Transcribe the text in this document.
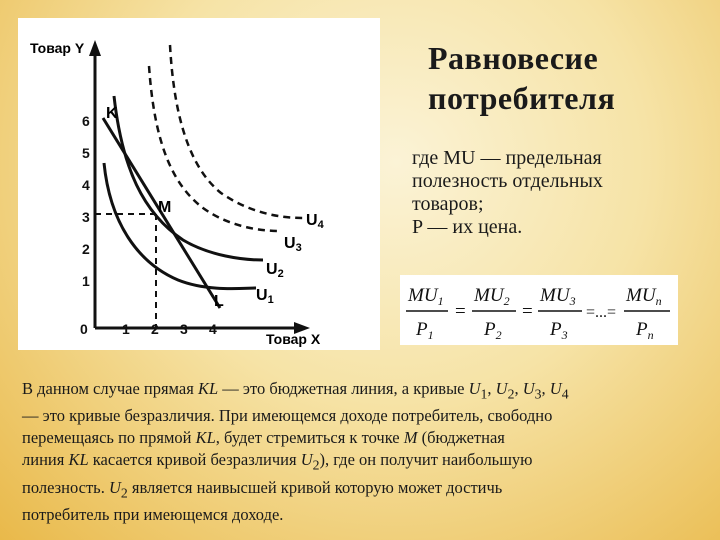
Товар Y
Товар X
0
1
2
3
4
5
6
1 2 3 4
K
M
L U1
U2
U3
U4
Равновесие
потребителя
где MU — предельная
полезность отдельных
товаров;
P — их цена.
$MU_1$
$P_1$
=
$MU_2$
$P_2$
=
$MU_3$
$P_3$
=...=
$MU_n$
$P_n$
В данном случае прямая KL — это бюджетная линия, а кривые $U_1$, $U_2$, $U_3$, $U_4$
— это кривые безразличия. При имеющемся доходе потребитель, свободно
перемещаясь по прямой KL, будет стремиться к точке M (бюджетная
линия KL касается кривой безразличия $U_2$), где он получит наибольшую
полезность. $U_2$ является наивысшей кривой которую может достичь
потребитель при имеющемся доходе.
